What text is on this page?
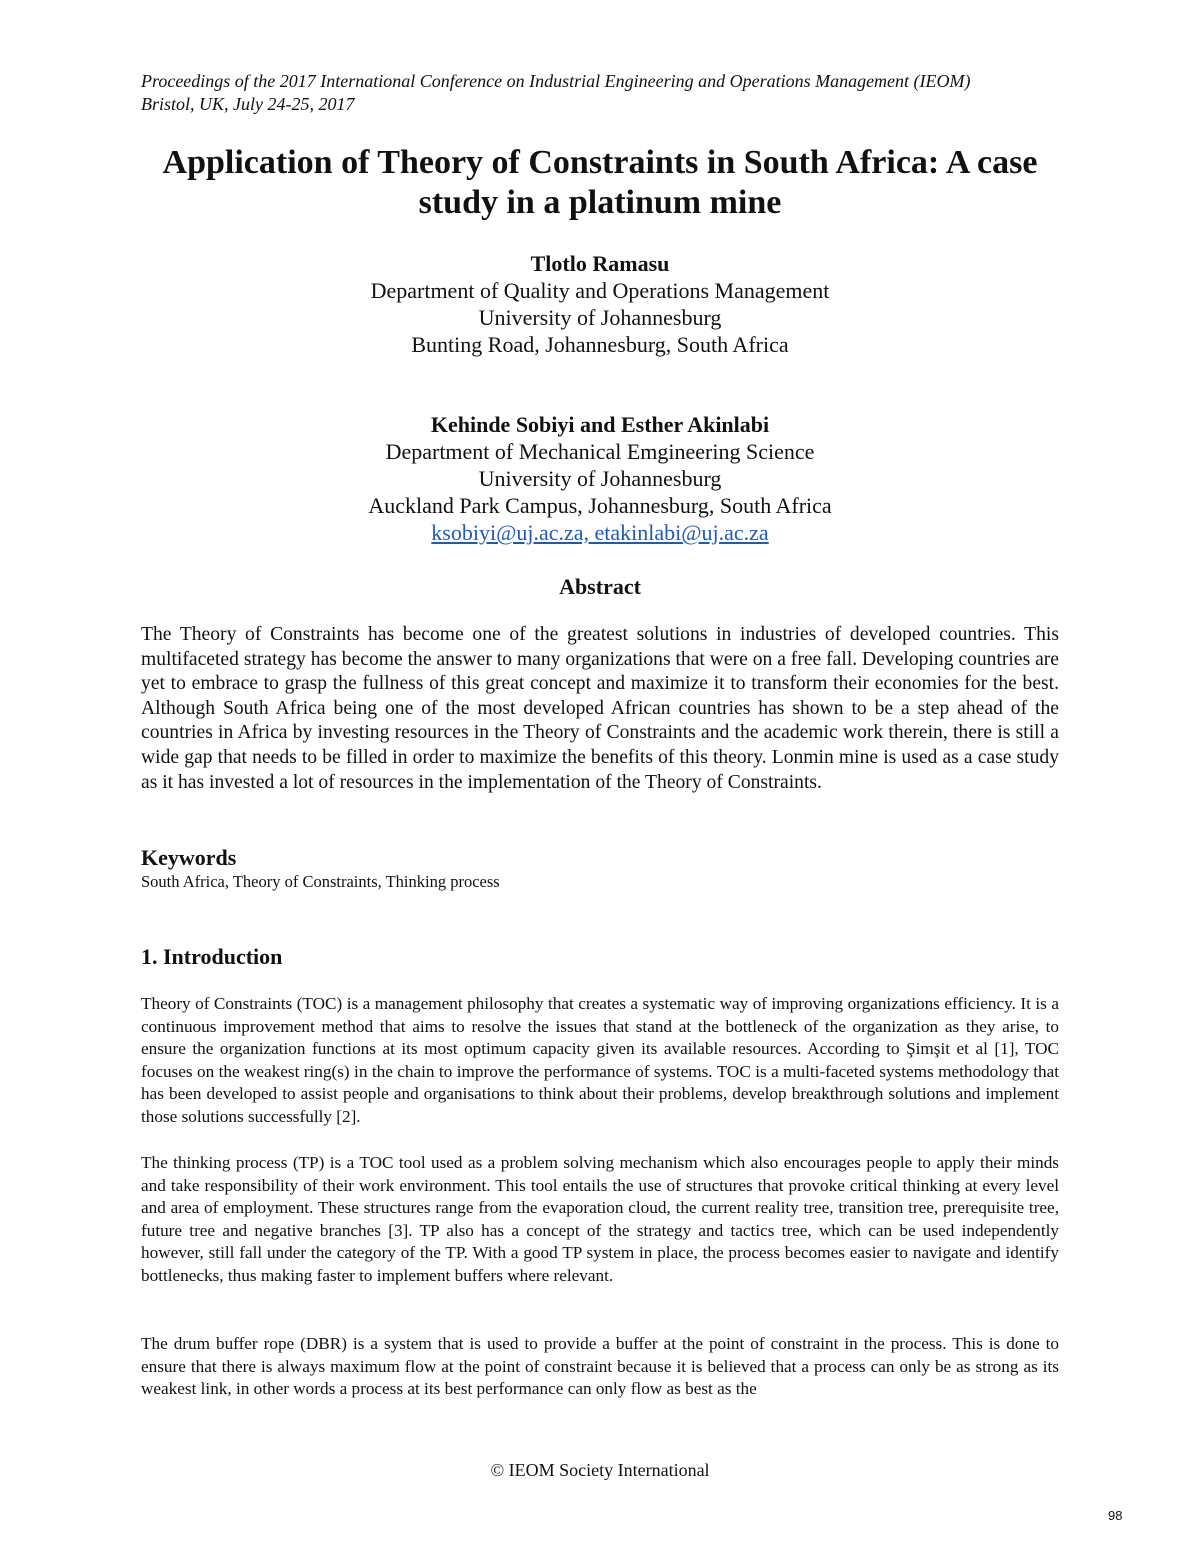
Proceedings of the 2017 International Conference on Industrial Engineering and Operations Management (IEOM)
Bristol, UK, July 24-25, 2017
Application of Theory of Constraints in South Africa: A case
study in a platinum mine
Tlotlo Ramasu
Department of Quality and Operations Management
University of Johannesburg
Bunting Road, Johannesburg, South Africa
Kehinde Sobiyi and Esther Akinlabi
Department of Mechanical Emgineering Science
University of Johannesburg
Auckland Park Campus, Johannesburg, South Africa
ksobiyi@uj.ac.za, etakinlabi@uj.ac.za
Abstract
The Theory of Constraints has become one of the greatest solutions in industries of developed countries. This multifaceted strategy has become the answer to many organizations that were on a free fall. Developing countries are yet to embrace to grasp the fullness of this great concept and maximize it to transform their economies for the best. Although South Africa being one of the most developed African countries has shown to be a step ahead of the countries in Africa by investing resources in the Theory of Constraints and the academic work therein, there is still a wide gap that needs to be filled in order to maximize the benefits of this theory. Lonmin mine is used as a case study as it has invested a lot of resources in the implementation of the Theory of Constraints.
Keywords
South Africa, Theory of Constraints, Thinking process
1. Introduction
Theory of Constraints (TOC) is a management philosophy that creates a systematic way of improving organizations efficiency. It is a continuous improvement method that aims to resolve the issues that stand at the bottleneck of the organization as they arise, to ensure the organization functions at its most optimum capacity given its available resources. According to Şimşit et al [1], TOC focuses on the weakest ring(s) in the chain to improve the performance of systems. TOC is a multi-faceted systems methodology that has been developed to assist people and organisations to think about their problems, develop breakthrough solutions and implement those solutions successfully [2].
The thinking process (TP) is a TOC tool used as a problem solving mechanism which also encourages people to apply their minds and take responsibility of their work environment. This tool entails the use of structures that provoke critical thinking at every level and area of employment. These structures range from the evaporation cloud, the current reality tree, transition tree, prerequisite tree, future tree and negative branches [3]. TP also has a concept of the strategy and tactics tree, which can be used independently however, still fall under the category of the TP. With a good TP system in place, the process becomes easier to navigate and identify bottlenecks, thus making faster to implement buffers where relevant.
The drum buffer rope (DBR) is a system that is used to provide a buffer at the point of constraint in the process. This is done to ensure that there is always maximum flow at the point of constraint because it is believed that a process can only be as strong as its weakest link, in other words a process at its best performance can only flow as best as the
© IEOM Society International
98
